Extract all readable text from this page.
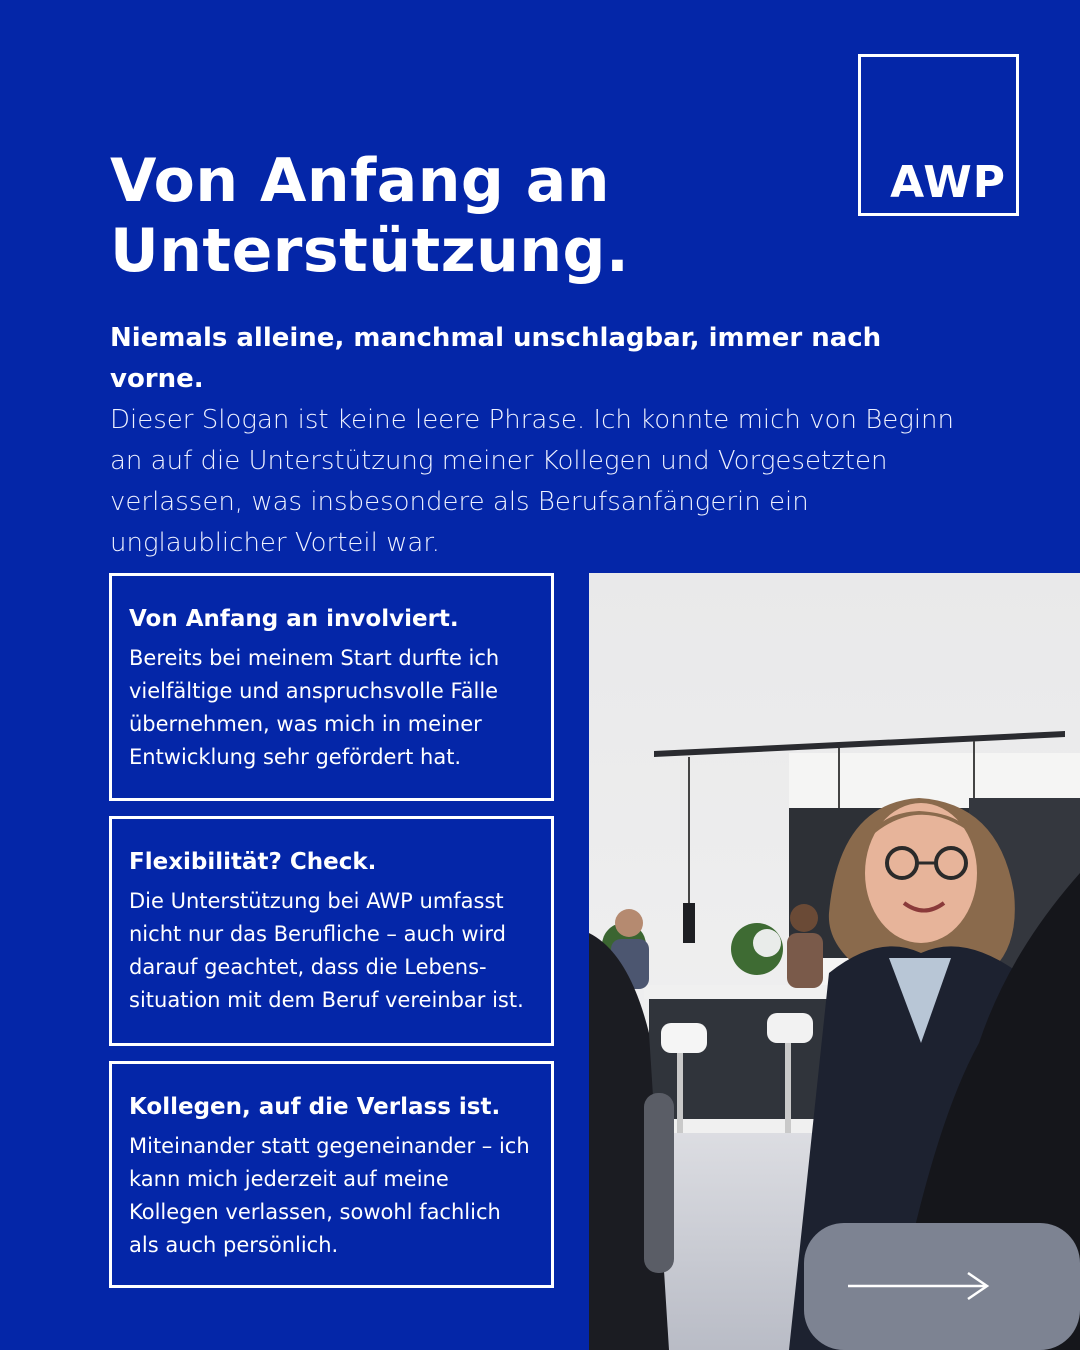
AWP
Von Anfang an
Unterstützung.
Niemals alleine, manchmal unschlagbar, immer nach vorne.
Dieser Slogan ist keine leere Phrase. Ich konnte mich von Beginn an auf die Unterstützung meiner Kollegen und Vorgesetzten verlassen, was insbesondere als Berufsanfängerin ein unglaublicher Vorteil war.
Von Anfang an involviert.

Bereits bei meinem Start durfte ich vielfältige und anspruchsvolle Fälle übernehmen, was mich in meiner Entwicklung sehr gefördert hat.

Flexibilität? Check.

Die Unterstützung bei AWP umfasst nicht nur das Berufliche – auch wird darauf geachtet, dass die Lebens-situation mit dem Beruf vereinbar ist.

Kollegen, auf die Verlass ist.

Miteinander statt gegeneinander – ich kann mich jederzeit auf meine Kollegen verlassen, sowohl fachlich als auch persönlich.
